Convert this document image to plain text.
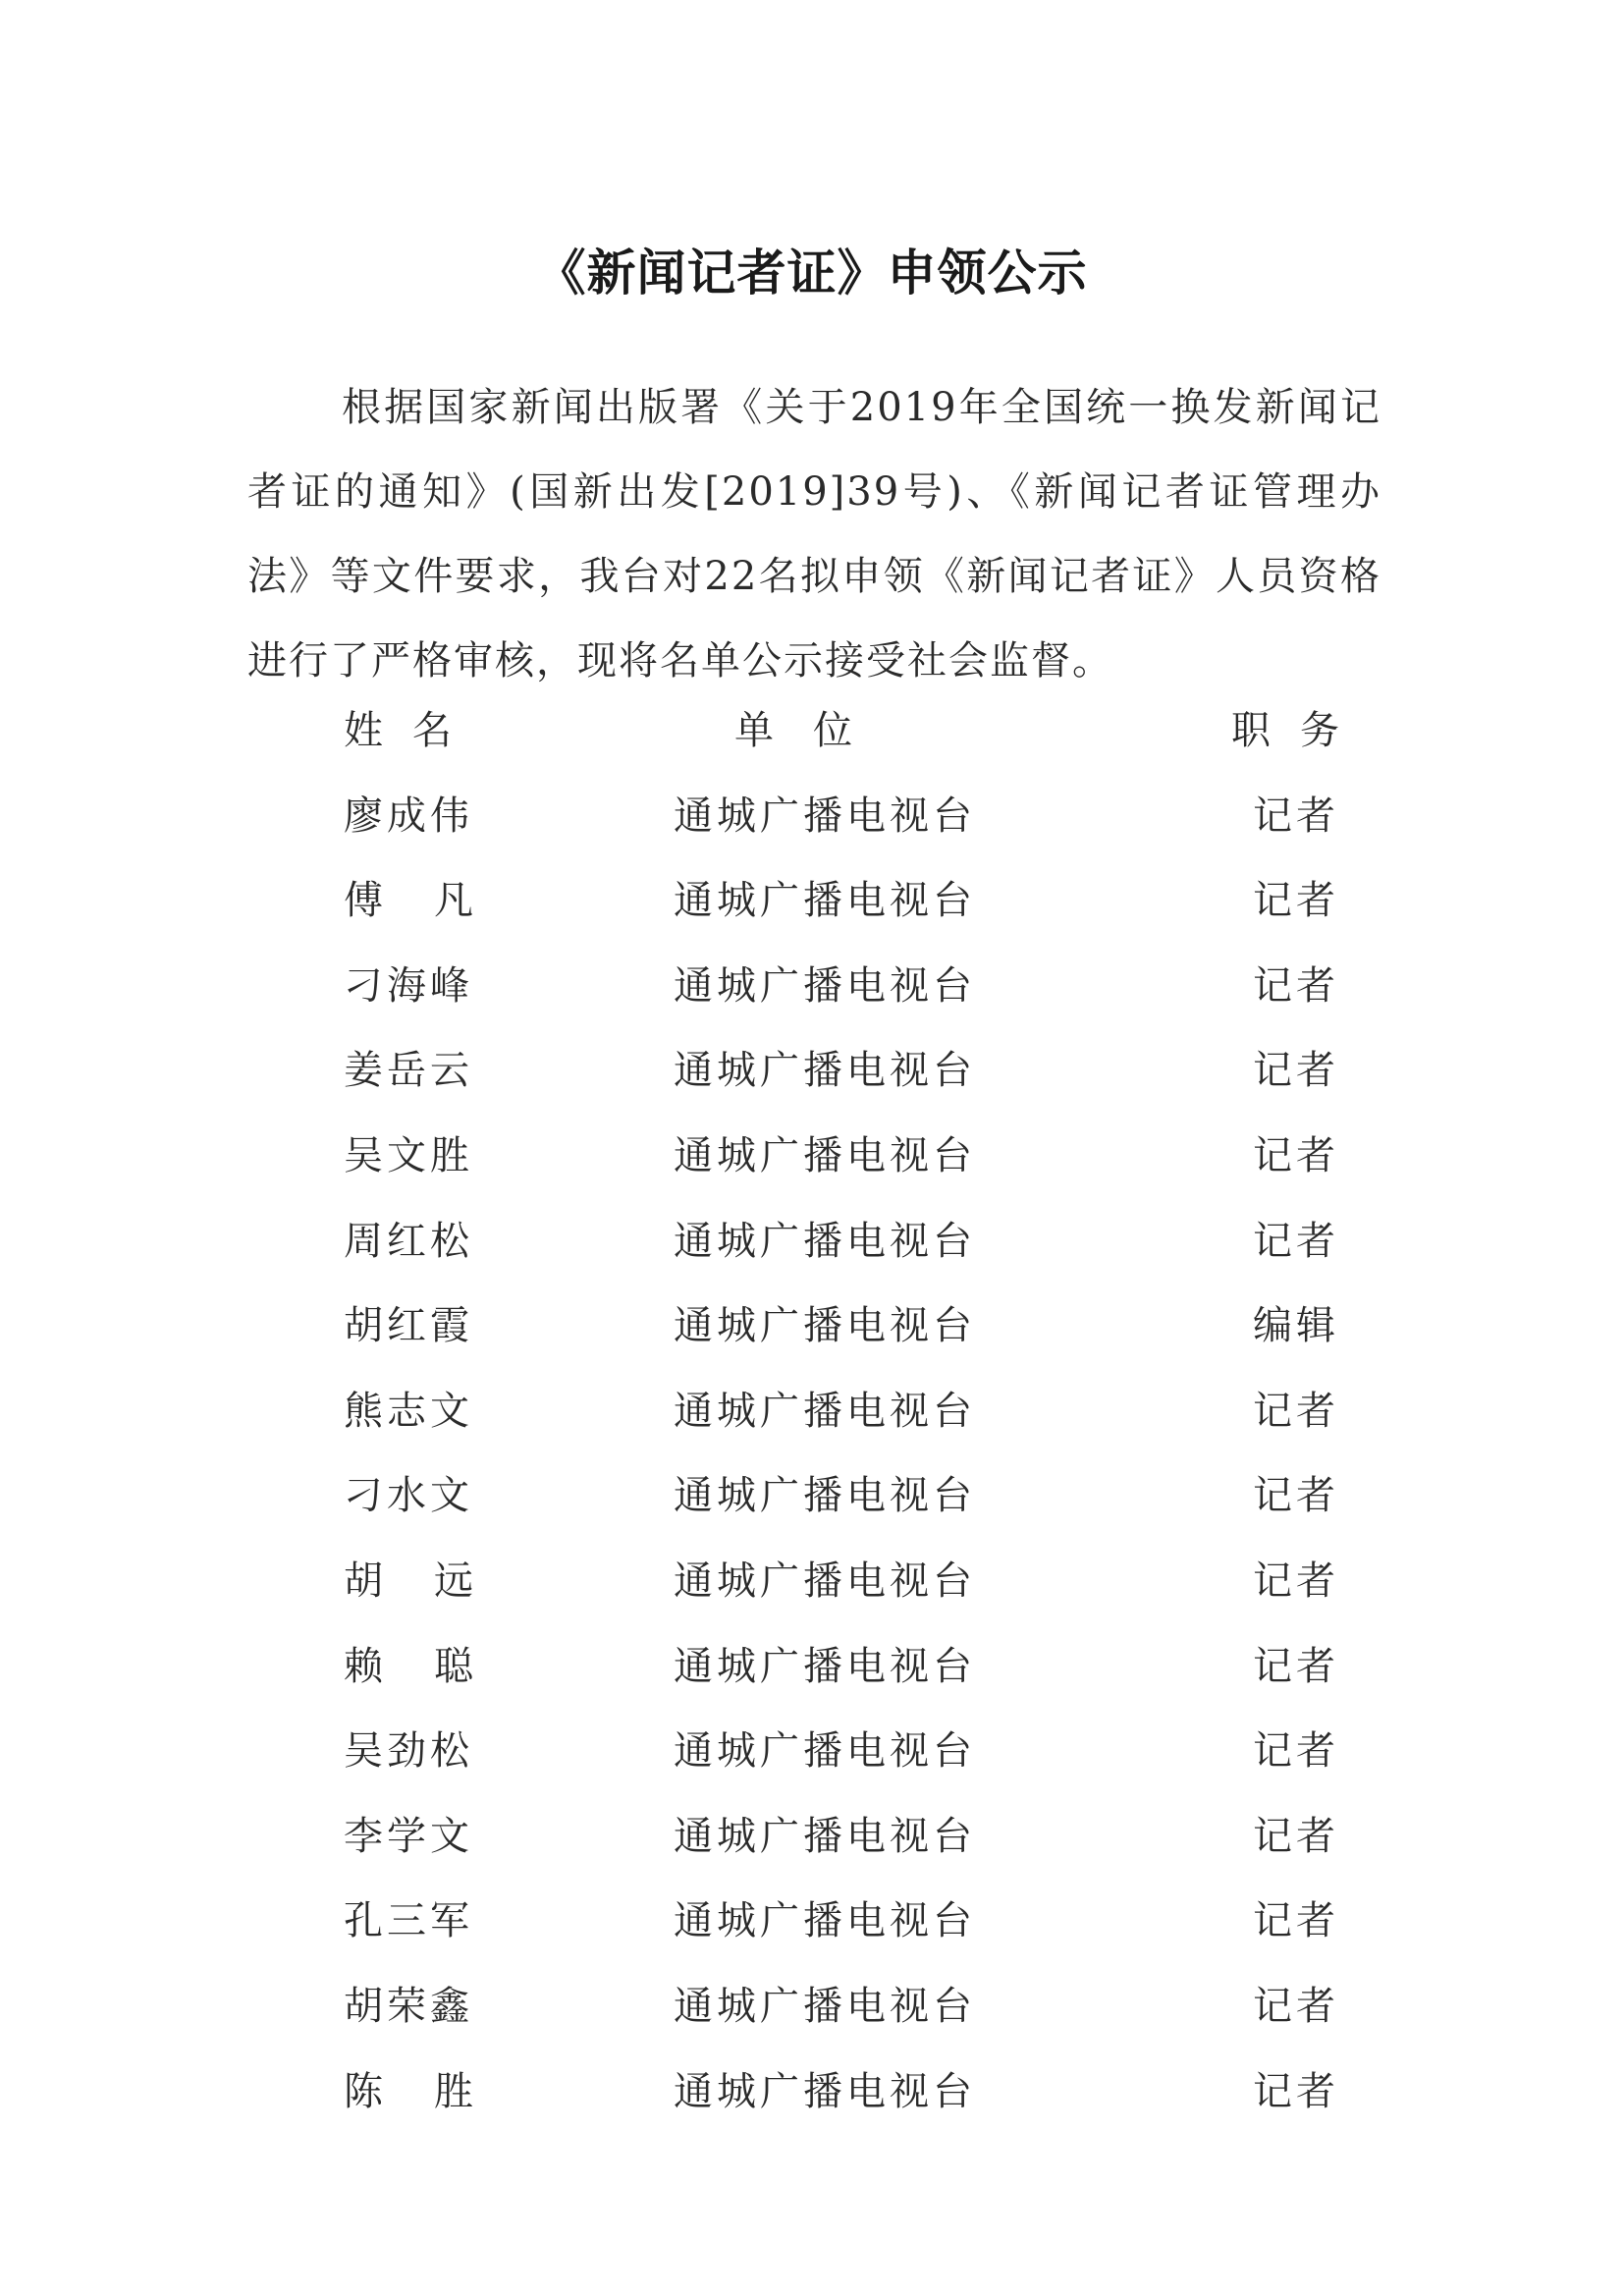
《新闻记者证》申领公示

根据国家新闻出版署《关于2019年全国统一换发新闻记者证的通知》(国新出发[2019]39号)、《新闻记者证管理办法》等文件要求，我台对22名拟申领《新闻记者证》人员资格进行了严格审核，现将名单公示接受社会监督。

姓名	单位	职务
廖成伟	通城广播电视台	记者
傅凡	通城广播电视台	记者
刁海峰	通城广播电视台	记者
姜岳云	通城广播电视台	记者
吴文胜	通城广播电视台	记者
周红松	通城广播电视台	记者
胡红霞	通城广播电视台	编辑
熊志文	通城广播电视台	记者
刁水文	通城广播电视台	记者
胡远	通城广播电视台	记者
赖聪	通城广播电视台	记者
吴劲松	通城广播电视台	记者
李学文	通城广播电视台	记者
孔三军	通城广播电视台	记者
胡荣鑫	通城广播电视台	记者
陈胜	通城广播电视台	记者
